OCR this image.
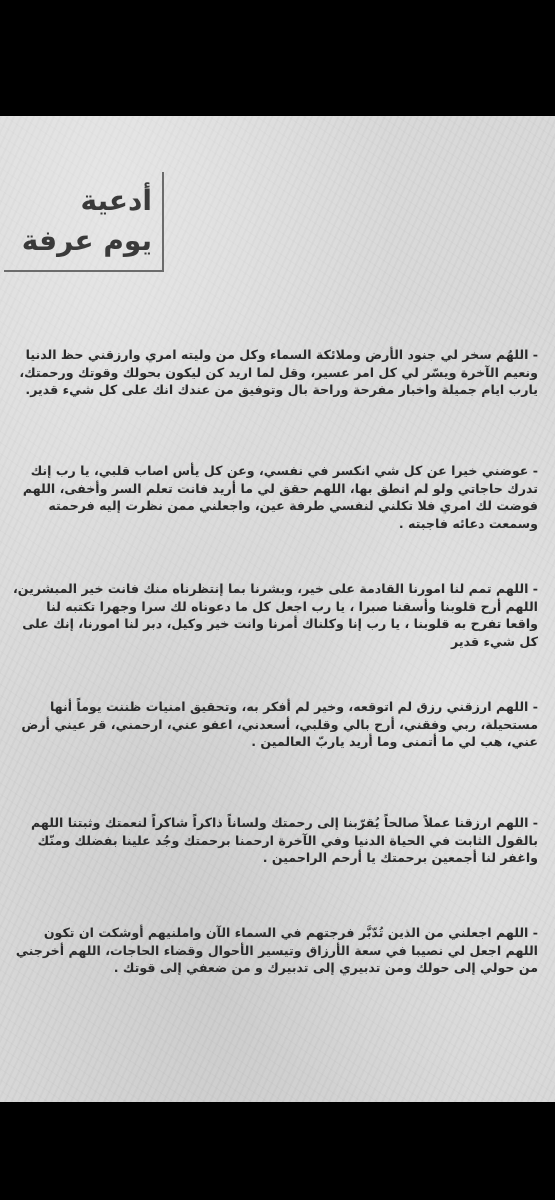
أدعية
يوم عرفة

- اللهُم سخر لي جنود الأرض وملائكة السماء وكل من وليته امري وارزقني حظ الدنيا ونعيم الآخرة ويسّر لي كل امر عسير، وقل لما اريد كن ليكون بحولك وقوتك ورحمتك، يارب ايام جميلة واخبار مفرحة وراحة بال وتوفيق من عندك انك على كل شيء قدير.

- عوضني خيرا عن كل شي انكسر في نفسي، وعن كل يأس اصاب قلبي، يا رب إنك تدرك حاجاتي ولو لم انطق بها، اللهم حقق لي ما أريد فانت تعلم السر وأخفى، اللهم فوضت لك امري فلا تكلني لنفسي طرفة عين، واجعلني ممن نظرت إليه فرحمته وسمعت دعائه فاجبته .

- اللهم تمم لنا امورنا القادمة على خير، وبشرنا بما إنتظرناه منك فانت خير المبشرين، اللهم أرح قلوبنا وأسقنا صبرا ، يا رب اجعل كل ما دعوناه لك سرا وجهرا تكتبه لنا واقعا تفرح به قلوبنا ، يا رب إنا وكلناك أمرنا وانت خير وكيل، دبر لنا امورنا، إنك على كل شيء قدير

- اللهم ارزقني رزق لم اتوقعه، وخير لم أفكر به، وتحقيق امنيات ظننت يوماً أنها مستحيلة، ربي وفقني، أرح بالي وقلبي، أسعدني، اعفو عني، ارحمني، قر عيني أرض عني، هب لي ما أتمنى وما أريد ياربّ العالمين .

- اللهم ارزقنا عملاً صالحاً يُقرّبنا إلى رحمتك ولساناً ذاكراً شاكراً لنعمتك وثبتنا اللهم بالقول الثابت في الحياة الدنيا وفي الآخرة ارحمنا برحمتك وجُد علينا بفضلك ومنّك واغفر لنا أجمعين برحمتك يا أرحم الراحمين .

- اللهم اجعلني من الذين تُدّبَّر فرجتهم في السماء الآن واملنيهم أوشكت ان تكون اللهم اجعل لي نصيبا في سعة الأرزاق وتيسير الأحوال وقضاء الحاجات، اللهم أخرجني من حولي إلى حولك ومن تدبيري إلى تدبيرك و من ضعفي إلى قوتك .
